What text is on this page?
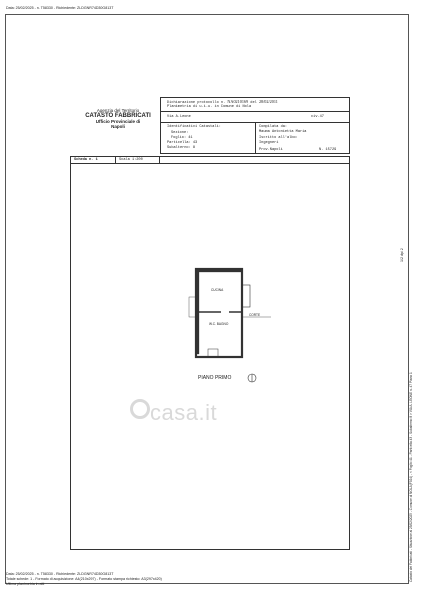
Data: 25/02/2025 - n. T58330 - Richiedente: ZLDGNR74D30G813T
Agenzia del Territorio
CATASTO FABBRICATI
Ufficio Provinciale di
Napoli
Dichiarazione protocollo n. NA0210169 del 28/02/2011
Planimetria di u.i.u. in Comune di Nola
Via A.Leone	civ.47
Identificativi Catastali:
Sezione:
Foglio: 41
Particella: 43
Subalterno: 8
Compilata da:
Mauma Antonietta Maria
Iscritto all'albo:
Ingegneri
Prov.Napoli	N. 15729
Scheda n. 1	Scala 1:200
CUCINA
W.C. BAGNO
CORTE
PIANO PRIMO
casa.it
1/2 dpi 2
Catasto dei Fabbricati - Situazione al 25/02/2025 - Comune di NOLA(F924) - < Foglio 41 - Particella 43 - Subalterno 8 > VIA A. LEONE n. 47 Piano 1
Data: 25/02/2025 - n. T58330 - Richiedente: ZLDGNR74D30G813T
Totale schede: 1 - Formato di acquisizione: A4(210x297) - Formato stampa richiesto: A3(297x420)
Ultima planimetria in atti
